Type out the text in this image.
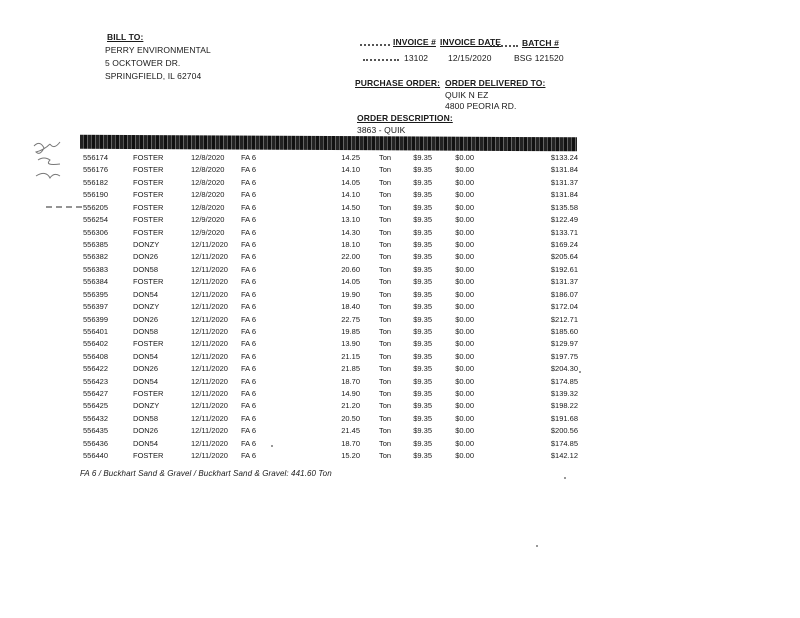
BILL TO:
PERRY ENVIRONMENTAL
5 OCKTOWER DR.
SPRINGFIELD, IL 62704
INVOICE # INVOICE DATE BATCH #
13102 12/15/2020	BSG 121520
PURCHASE ORDER: ORDER DELIVERED TO:
QUIK N EZ
4800 PEORIA RD.
ORDER DESCRIPTION:
3863 - QUIK
556174	FOSTER	12/8/2020 FA 6	14.25	Ton	$9.35	$0.00	$133.24
556176	FOSTER	12/8/2020 FA 6	14.10	Ton	$9.35	$0.00	$131.84
556182	FOSTER	12/8/2020 FA 6	14.05	Ton	$9.35	$0.00	$131.37
556190	FOSTER	12/8/2020 FA 6	14.10	Ton	$9.35	$0.00	$131.84
556205	FOSTER	12/8/2020 FA 6	14.50	Ton	$9.35	$0.00	$135.58
556254	FOSTER	12/9/2020 FA 6	13.10	Ton	$9.35	$0.00	$122.49
556306	FOSTER	12/9/2020 FA 6	14.30	Ton	$9.35	$0.00	$133.71
556385	DONZY	12/11/2020 FA 6	18.10	Ton	$9.35	$0.00	$169.24
556382	DON26	12/11/2020 FA 6	22.00	Ton	$9.35	$0.00	$205.64
556383	DON58	12/11/2020 FA 6	20.60	Ton	$9.35	$0.00	$192.61
556384	FOSTER	12/11/2020 FA 6	14.05	Ton	$9.35	$0.00	$131.37
556395	DON54	12/11/2020 FA 6	19.90	Ton	$9.35	$0.00	$186.07
556397	DONZY	12/11/2020 FA 6	18.40	Ton	$9.35	$0.00	$172.04
556399	DON26	12/11/2020 FA 6	22.75	Ton	$9.35	$0.00	$212.71
556401	DON58	12/11/2020 FA 6	19.85	Ton	$9.35	$0.00	$185.60
556402	FOSTER	12/11/2020 FA 6	13.90	Ton	$9.35	$0.00	$129.97
556408	DON54	12/11/2020 FA 6	21.15	Ton	$9.35	$0.00	$197.75
556422	DON26	12/11/2020 FA 6	21.85	Ton	$9.35	$0.00	$204.30
556423	DON54	12/11/2020 FA 6	18.70	Ton	$9.35	$0.00	$174.85
556427	FOSTER	12/11/2020 FA 6	14.90	Ton	$9.35	$0.00	$139.32
556425	DONZY	12/11/2020 FA 6	21.20	Ton	$9.35	$0.00	$198.22
556432	DON58	12/11/2020 FA 6	20.50	Ton	$9.35	$0.00	$191.68
556435	DON26	12/11/2020 FA 6	21.45	Ton	$9.35	$0.00	$200.56
556436	DON54	12/11/2020 FA 6	18.70	Ton	$9.35	$0.00	$174.85
556440	FOSTER	12/11/2020 FA 6	15.20	Ton	$9.35	$0.00	$142.12
FA 6 / Buckhart Sand & Gravel / Buckhart Sand & Gravel: 441.60 Ton
